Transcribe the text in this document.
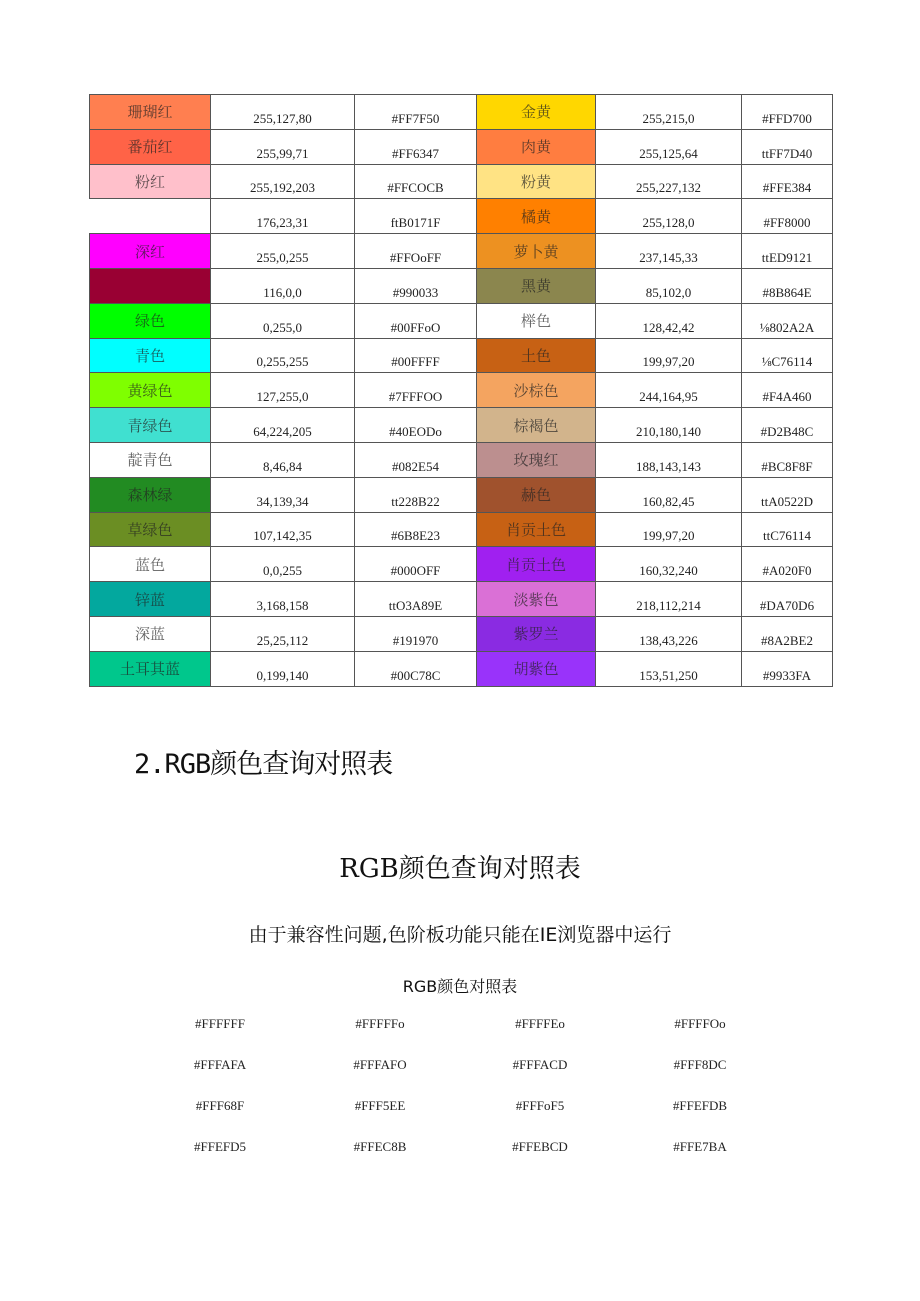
珊瑚红	255,127,80	#FF7F50	金黄	255,215,0	#FFD700
番茄红	255,99,71	#FF6347	肉黄	255,125,64	ttFF7D40
粉红	255,192,203	#FFCOCB	粉黄	255,227,132	#FFE384
	176,23,31	ftB0171F	橘黄	255,128,0	#FF8000
深红	255,0,255	#FFOoFF	萝卜黄	237,145,33	ttED9121
	116,0,0	#990033	黑黄	85,102,0	#8B864E
绿色	0,255,0	#00FFoO	榉色	128,42,42	⅛802A2A
青色	0,255,255	#00FFFF	土色	199,97,20	⅛C76114
黄绿色	127,255,0	#7FFFOO	沙棕色	244,164,95	#F4A460
青绿色	64,224,205	#40EODo	棕褐色	210,180,140	#D2B48C
靛青色	8,46,84	#082E54	玫瑰红	188,143,143	#BC8F8F
森林绿	34,139,34	tt228B22	赫色	160,82,45	ttA0522D
草绿色	107,142,35	#6B8E23	肖贡土色	199,97,20	ttC76114
蓝色	0,0,255	#000OFF	肖贡土色	160,32,240	#A020F0
锌蓝	3,168,158	ttO3A89E	淡紫色	218,112,214	#DA70D6
深蓝	25,25,112	#191970	紫罗兰	138,43,226	#8A2BE2
土耳其蓝	0,199,140	#00C78C	胡紫色	153,51,250	#9933FA
2.RGB颜色查询对照表
RGB颜色查询对照表

由于兼容性问题,色阶板功能只能在IE浏览器中运行

RGB颜色对照表

#FFFFFF	#FFFFFo	#FFFFEo	#FFFFOo
#FFFAFA	#FFFAFO	#FFFACD	#FFF8DC
#FFF68F	#FFF5EE	#FFFoF5	#FFEFDB
#FFEFD5	#FFEC8B	#FFEBCD	#FFE7BA
